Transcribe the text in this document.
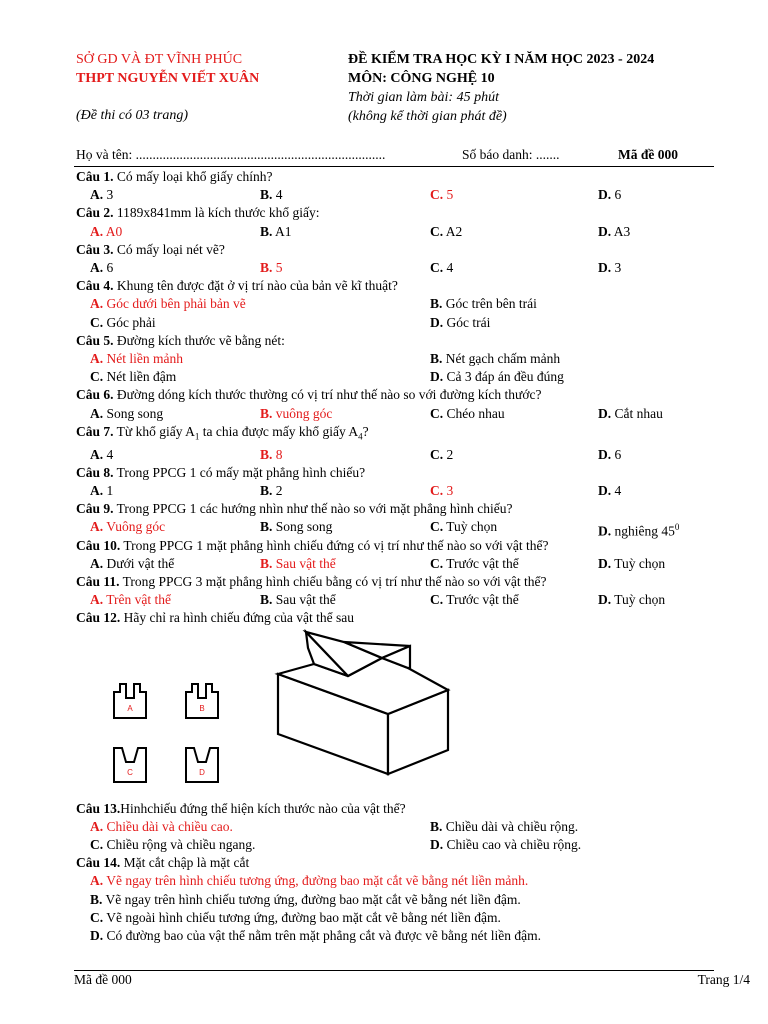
SỞ GD VÀ ĐT VĨNH PHÚC
THPT NGUYỄN VIẾT XUÂN
(Đề thi có 03 trang)
ĐỀ KIỂM TRA HỌC KỲ I NĂM HỌC 2023 - 2024
MÔN: CÔNG NGHỆ 10
Thời gian làm bài: 45 phút
(không kể thời gian phát đề)
Họ và tên: ..........................................................................	Số báo danh: .......	Mã đề 000
Câu 1. Có mấy loại khổ giấy chính?
A. 3	B. 4	C. 5	D. 6
Câu 2. 1189x841mm là kích thước khổ giấy:
A. A0	B. A1	C. A2	D. A3
Câu 3. Có mấy loại nét vẽ?
A. 6	B. 5	C. 4	D. 3
Câu 4. Khung tên được đặt ở vị trí nào của bản vẽ kĩ thuật?
A. Góc dưới bên phải bản vẽ	B. Góc trên bên trái
C. Góc phải	D. Góc trái
Câu 5. Đường kích thước vẽ bằng nét:
A. Nét liền mảnh	B. Nét gạch chấm mảnh
C. Nét liền đậm	D. Cả 3 đáp án đều đúng
Câu 6. Đường dóng kích thước thường có vị trí như thế nào so với đường kích thước?
A. Song song	B. vuông góc	C. Chéo nhau	D. Cắt nhau
Câu 7. Từ khổ giấy $A_1$ ta chia được mấy khổ giấy $A_4$?
A. 4	B. 8	C. 2	D. 6
Câu 8. Trong PPCG 1 có mấy mặt phẳng hình chiếu?
A. 1	B. 2	C. 3	D. 4
Câu 9. Trong PPCG 1 các hướng nhìn như thế nào so với mặt phẳng hình chiếu?
A. Vuông góc	B. Song song	C. Tuỳ chọn	D. nghiêng $45^0$
Câu 10. Trong PPCG 1 mặt phẳng hình chiếu đứng có vị trí như thế nào so với vật thể?
A. Dưới vật thể	B. Sau vật thể	C. Trước vật thể	D. Tuỳ chọn
Câu 11. Trong PPCG 3 mặt phẳng hình chiếu bằng có vị trí như thế nào so với vật thể?
A. Trên vật thể	B. Sau vật thể	C. Trước vật thể	D. Tuỳ chọn
Câu 12. Hãy chỉ ra hình chiếu đứng của vật thể sau
A	B
C	D
Câu 13.Hinhchiếu đứng thể hiện kích thước nào của vật thể?
A. Chiều dài và chiều cao.	B. Chiều dài và chiều rộng.
C. Chiều rộng và chiều ngang.	D. Chiều cao và chiều rộng.
Câu 14. Mặt cắt chập là mặt cắt
A. Vẽ ngay trên hình chiếu tương ứng, đường bao mặt cắt vẽ bằng nét liền mảnh.
B. Vẽ ngay trên hình chiếu tương ứng, đường bao mặt cắt vẽ bằng nét liền đậm.
C. Vẽ ngoài hình chiếu tương ứng, đường bao mặt cắt vẽ bằng nét liền đậm.
D. Có đường bao của vật thể nằm trên mặt phẳng cắt và được vẽ bằng nét liền đậm.
Mã đề 000	Trang 1/4
